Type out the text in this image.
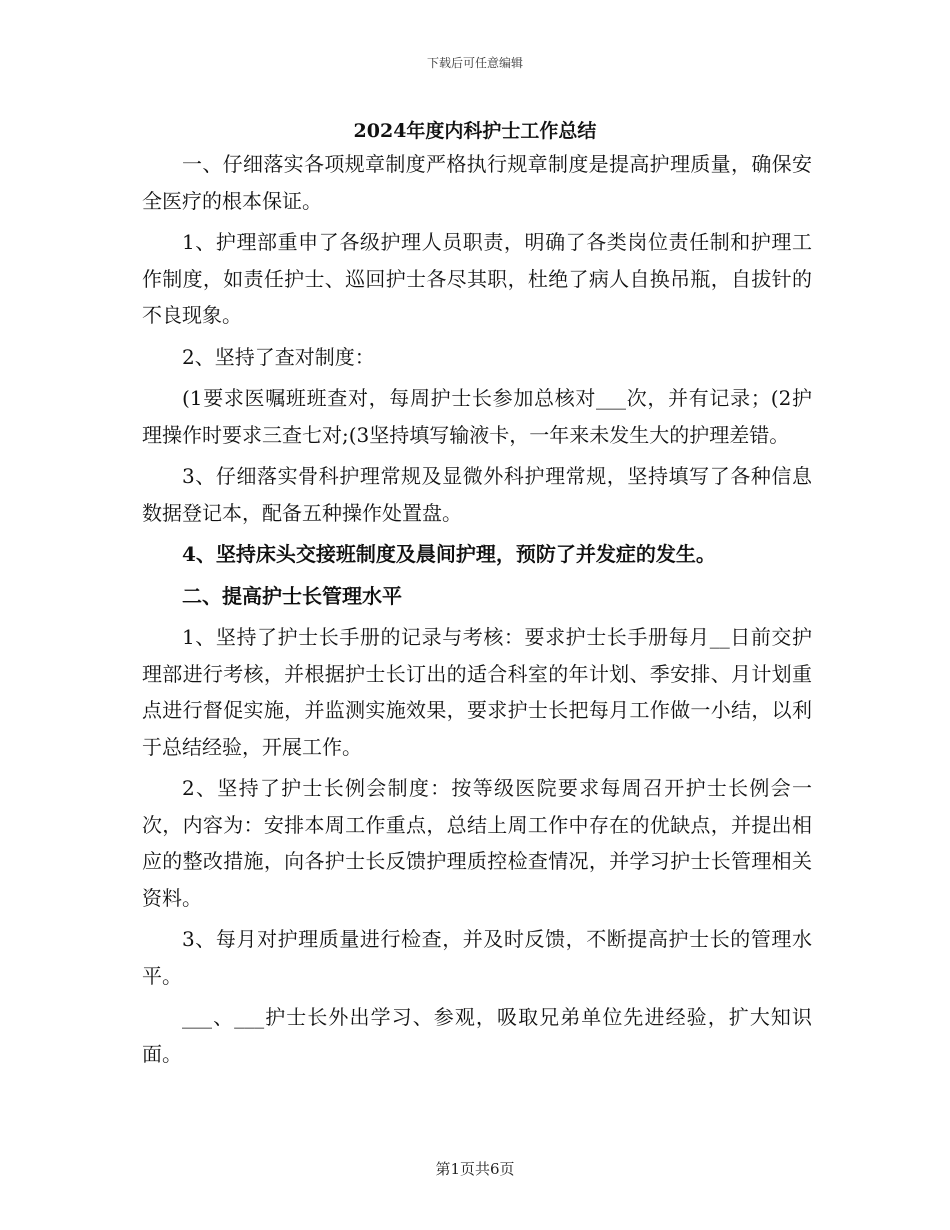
下载后可任意编辑
2024年度内科护士工作总结

一、仔细落实各项规章制度严格执行规章制度是提高护理质量，确保安全医疗的根本保证。

1、护理部重申了各级护理人员职责，明确了各类岗位责任制和护理工作制度，如责任护士、巡回护士各尽其职，杜绝了病人自换吊瓶，自拔针的不良现象。

2、坚持了查对制度：

(1要求医嘱班班查对，每周护士长参加总核对___次，并有记录；(2护理操作时要求三查七对;(3坚持填写输液卡，一年来未发生大的护理差错。

3、仔细落实骨科护理常规及显微外科护理常规，坚持填写了各种信息数据登记本，配备五种操作处置盘。

4、坚持床头交接班制度及晨间护理，预防了并发症的发生。

二、提高护士长管理水平

1、坚持了护士长手册的记录与考核：要求护士长手册每月__日前交护理部进行考核，并根据护士长订出的适合科室的年计划、季安排、月计划重点进行督促实施，并监测实施效果，要求护士长把每月工作做一小结，以利于总结经验，开展工作。

2、坚持了护士长例会制度：按等级医院要求每周召开护士长例会一次，内容为：安排本周工作重点，总结上周工作中存在的优缺点，并提出相应的整改措施，向各护士长反馈护理质控检查情况，并学习护士长管理相关资料。

3、每月对护理质量进行检查，并及时反馈，不断提高护士长的管理水平。

___、___护士长外出学习、参观，吸取兄弟单位先进经验，扩大知识面。

第1页共6页
